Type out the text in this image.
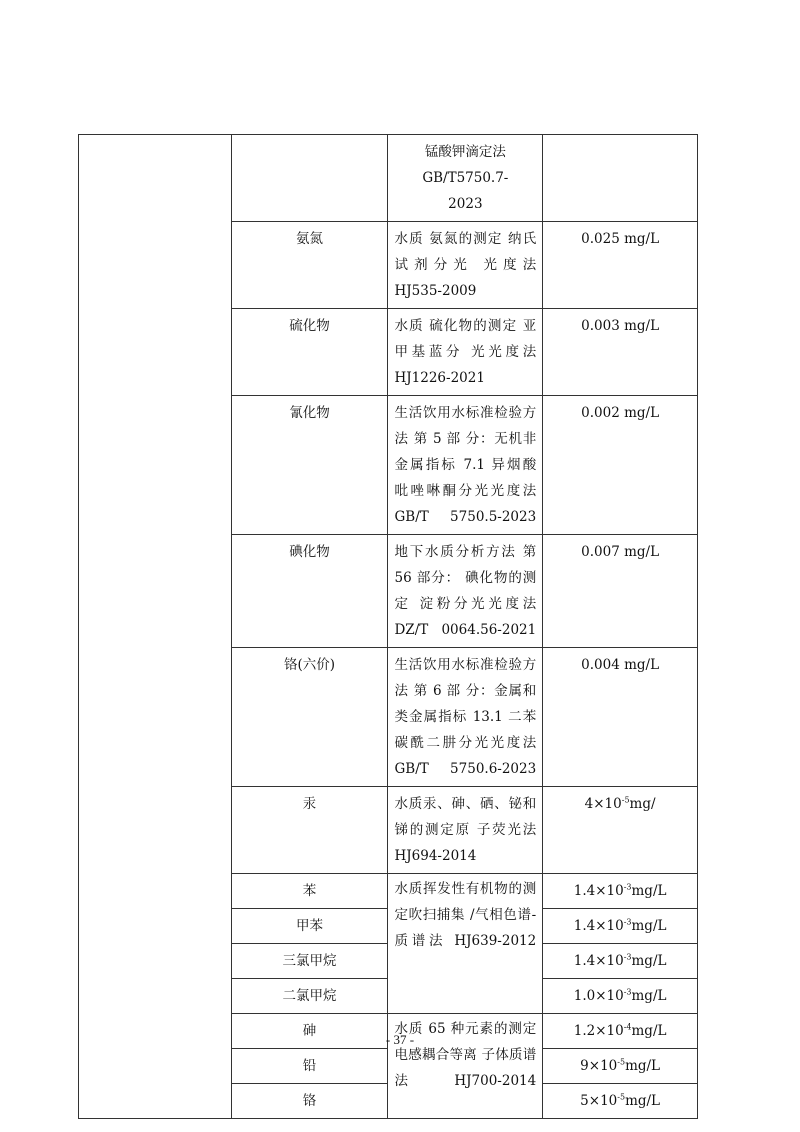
		锰酸钾滴定法 GB/T5750.7-2023	
	氨氮	水质 氨氮的测定 纳氏试剂分光 光度法 HJ535-2009	0.025 mg/L
	硫化物	水质 硫化物的测定 亚甲基蓝分 光光度法 HJ1226-2021	0.003 mg/L
	氰化物	生活饮用水标准检验方法 第 5 部 分：无机非金属指标 7.1 异烟酸 吡唑啉酮分光光度法 GB/T 5750.5-2023	0.002 mg/L
	碘化物	地下水质分析方法 第 56 部分： 碘化物的测定 淀粉分光光度法 DZ/T 0064.56-2021	0.007 mg/L
	铬(六价)	生活饮用水标准检验方法 第 6 部 分：金属和类金属指标 13.1 二苯 碳酰二肼分光光度法 GB/T 5750.6-2023	0.004 mg/L
	汞	水质汞、砷、硒、铋和锑的测定原 子荧光法 HJ694-2014	$4\times 10^{-5}mg/$
	苯	水质挥发性有机物的测定吹扫捕集 /气相色谱-质谱法 HJ639-2012	$1.4\times 10^{-3}mg/L$
	甲苯		$1.4\times 10^{-3}mg/L$
	三氯甲烷		$1.4\times 10^{-3}mg/L$
	二氯甲烷		$1.0\times 10^{-3}mg/L$
	砷	水质 65 种元素的测定电感耦合等离 子体质谱法 HJ700-2014	$1.2\times 10^{-4}mg/L$
	铅		$9\times 10^{-5}mg/L$
	铬		$5\times 10^{-5}mg/L$
- 37 -
